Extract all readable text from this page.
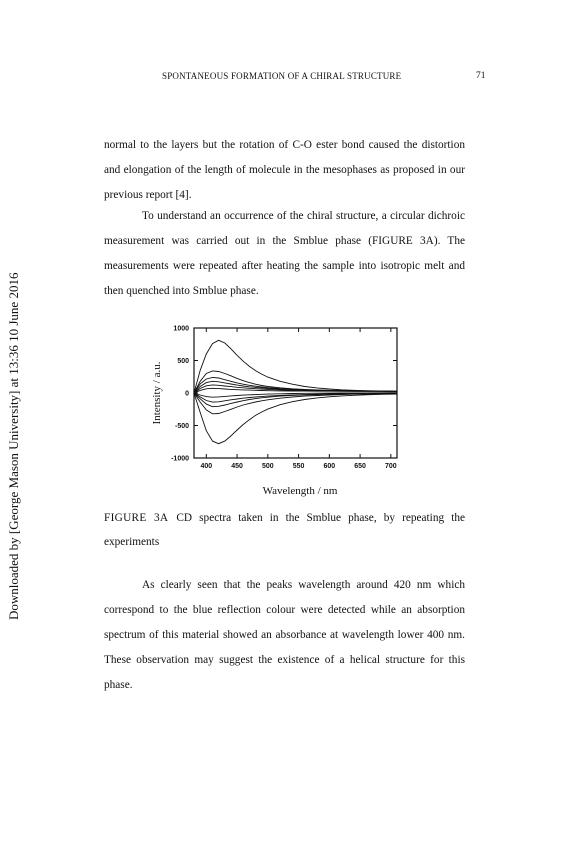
Downloaded by [George Mason University] at 13:36 10 June 2016
SPONTANEOUS FORMATION OF A CHIRAL STRUCTURE	71

normal to the layers but the rotation of C-O ester bond caused the distortion and elongation of the length of molecule in the mesophases as proposed in our previous report [4].

To understand an occurrence of the chiral structure, a circular dichroic measurement was carried out in the Smblue phase (FIGURE 3A). The measurements were repeated after heating the sample into isotropic melt and then quenched into Smblue phase.

1000
500
0
-500
-1000
400	450	500	550	600	650	700
Intensity / a.u.
Wavelength / nm

FIGURE 3A CD spectra taken in the Smblue phase, by repeating the experiments

As clearly seen that the peaks wavelength around 420 nm which correspond to the blue reflection colour were detected while an absorption spectrum of this material showed an absorbance at wavelength lower 400 nm. These observation may suggest the existence of a helical structure for this phase.
